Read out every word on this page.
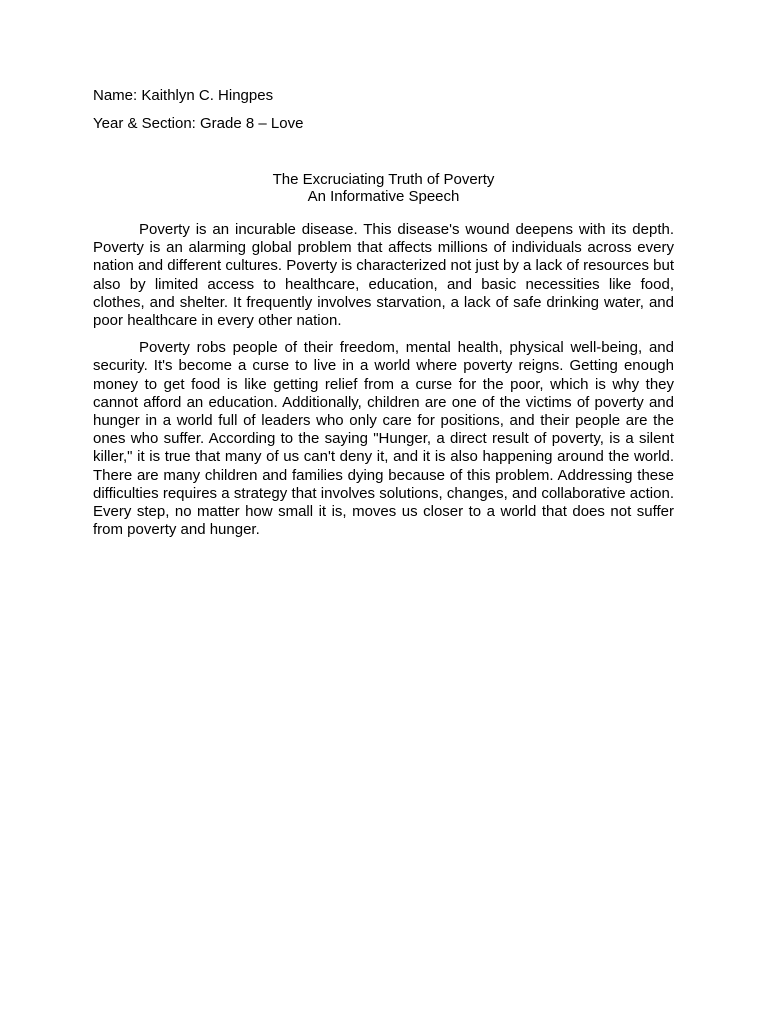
Name: Kaithlyn C. Hingpes
Year & Section: Grade 8 – Love
The Excruciating Truth of Poverty
An Informative Speech

Poverty is an incurable disease. This disease's wound deepens with its depth. Poverty is an alarming global problem that affects millions of individuals across every nation and different cultures. Poverty is characterized not just by a lack of resources but also by limited access to healthcare, education, and basic necessities like food, clothes, and shelter. It frequently involves starvation, a lack of safe drinking water, and poor healthcare in every other nation.

Poverty robs people of their freedom, mental health, physical well-being, and security. It's become a curse to live in a world where poverty reigns. Getting enough money to get food is like getting relief from a curse for the poor, which is why they cannot afford an education. Additionally, children are one of the victims of poverty and hunger in a world full of leaders who only care for positions, and their people are the ones who suffer. According to the saying "Hunger, a direct result of poverty, is a silent killer," it is true that many of us can't deny it, and it is also happening around the world. There are many children and families dying because of this problem. Addressing these difficulties requires a strategy that involves solutions, changes, and collaborative action. Every step, no matter how small it is, moves us closer to a world that does not suffer from poverty and hunger.
